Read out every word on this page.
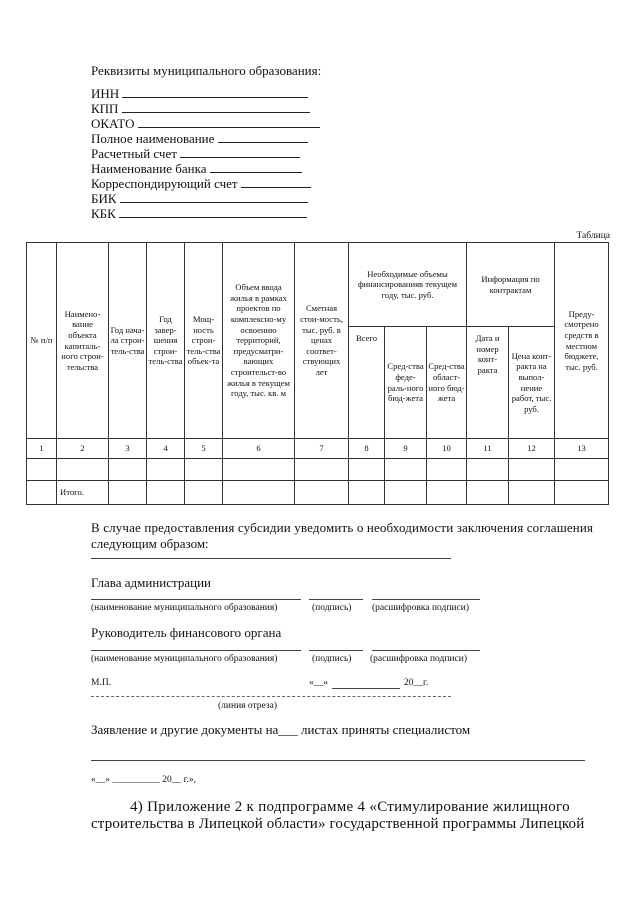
Реквизиты муниципального образования:
ИНН
КПП
ОКАТО
Полное наименование
Расчетный счет
Наименование банка
Корреспондирующий счет
БИК
КБК
Таблица
№ п/п	Наимено-вание объекта капиталь-ного строи-тельства	Год нача-ла строи-тель-ства	Год завер-шения строи-тель-ства	Мощ-ность строи-тель-ства объек-та	Объем ввода жилья в рамках проектов по комплексно-му освоению территорий, предусматри-вающих строительст-во жилья в текущем году, тыс. кв. м	Сметная стои-мость, тыс. руб. в ценах соответ-ствующих лет	Необходимые объемы финансированияв текущем году, тыс. руб.			Информация по контрактам		Преду-смотрено средств в местном бюджете, тыс. руб.
							Всего	Сред-ства феде-раль-ного бюд-жета	Сред-ства област-ного бюд-жета	Дата и номер конт-ракта	Цена конт-ракта на выпол-нение работ, тыс. руб.	
1	2	3	4	5	6	7	8	9	10	11	12	13

	Итого.											
В случае предоставления субсидии уведомить о необходимости заключения соглашения
следующим образом:
Глава администрации
(наименование муниципального образования)	(подпись) (расшифровка подписи)
Руководитель финансового органа
(наименование муниципального образования)	(подпись) (расшифровка подписи)
М.П.	«__»	20__г.
(линия отреза)
Заявление и другие документы на___ листах приняты специалистом
«__» __________ 20__ г.»,
4) Приложение 2 к подпрограмме 4 «Стимулирование жилищного
строительства в Липецкой области» государственной программы Липецкой
